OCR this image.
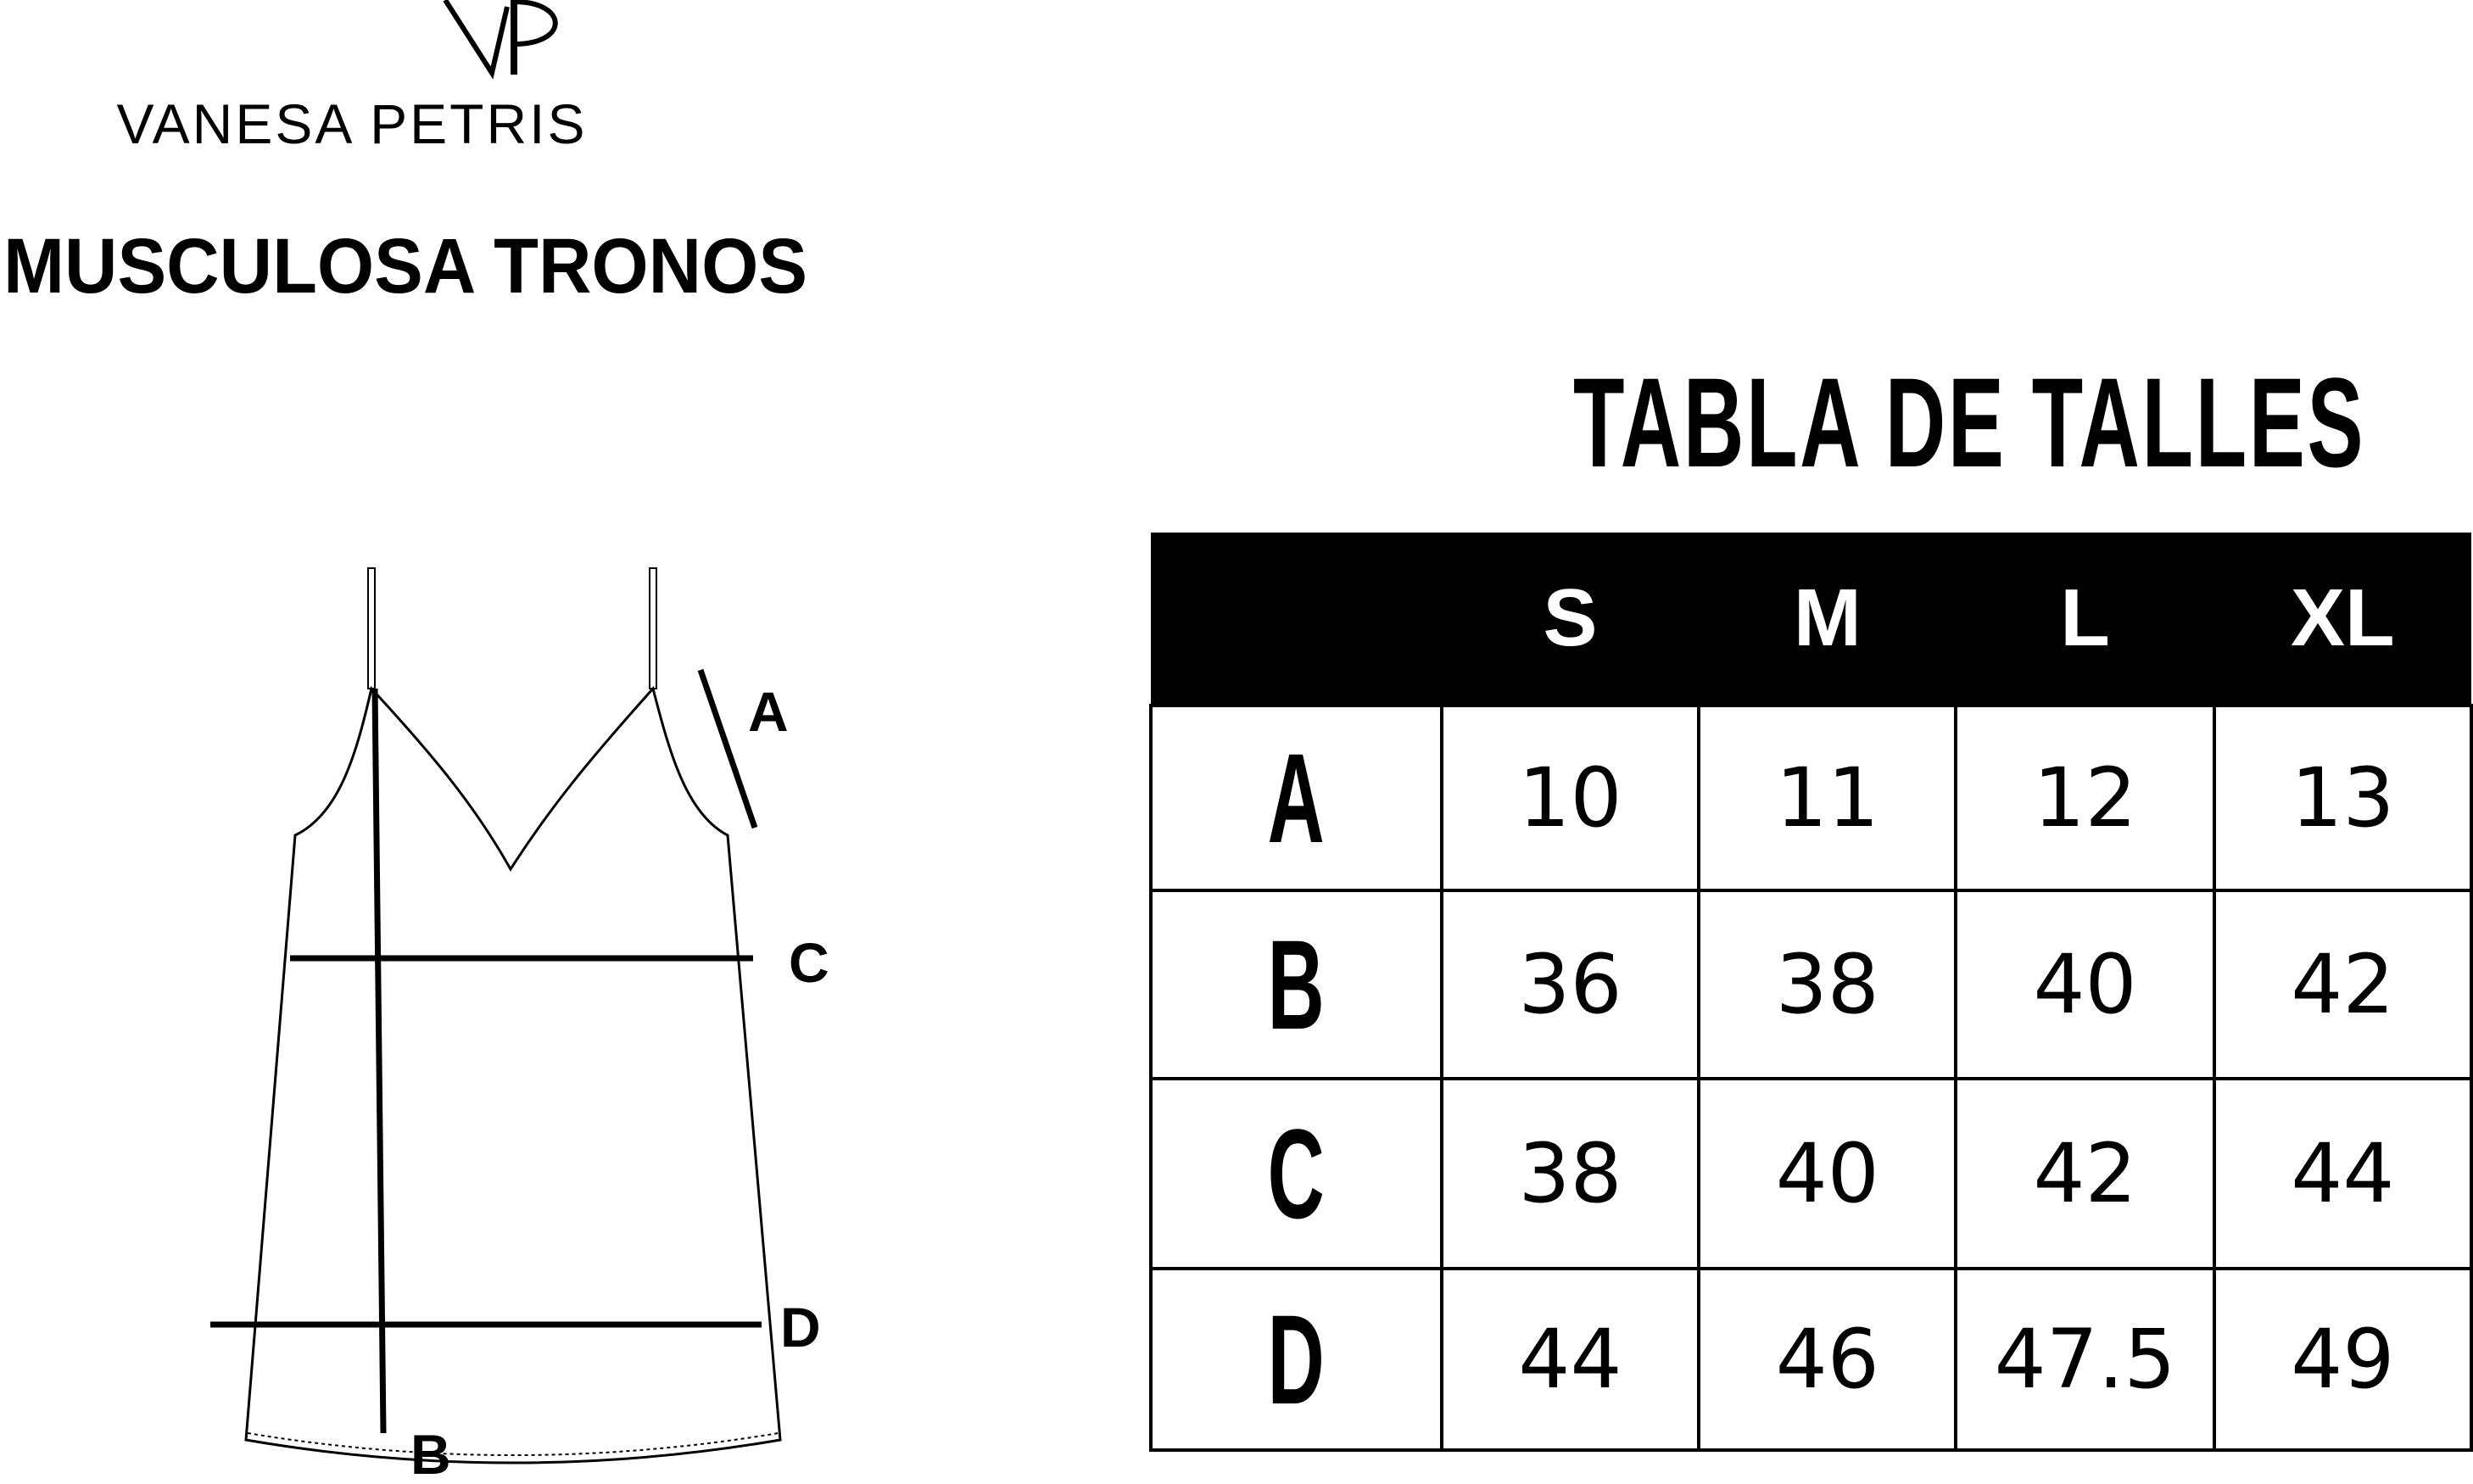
VANESA PETRIS
MUSCULOSA TRONOS
A
C
D
B
TABLA DE TALLES
	S	M	L	XL
A	10	11	12	13
B	36	38	40	42
C	38	40	42	44
D	44	46	47.5	49
